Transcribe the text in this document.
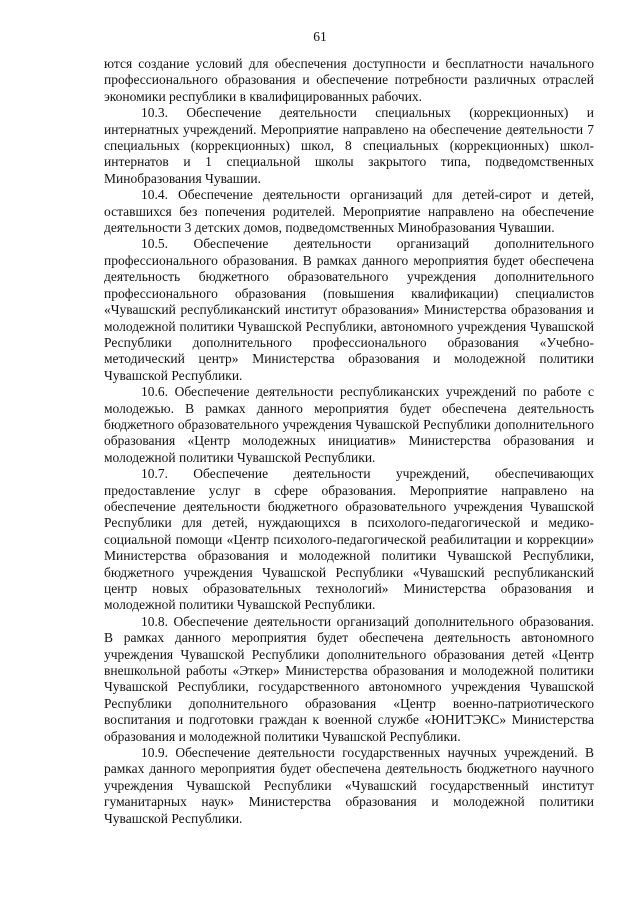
61

ются создание условий для обеспечения доступности и бесплатности начального профессионального образования и обеспечение потребности различных отраслей экономики республики в квалифицированных рабочих.

10.3. Обеспечение деятельности специальных (коррекционных) и интернатных учреждений. Мероприятие направлено на обеспечение деятельности 7 специальных (коррекционных) школ, 8 специальных (коррекционных) школ-интернатов и 1 специальной школы закрытого типа, подведомственных Минобразования Чувашии.

10.4. Обеспечение деятельности организаций для детей-сирот и детей, оставшихся без попечения родителей. Мероприятие направлено на обеспечение деятельности 3 детских домов, подведомственных Минобразования Чувашии.

10.5. Обеспечение деятельности организаций дополнительного профессионального образования. В рамках данного мероприятия будет обеспечена деятельность бюджетного образовательного учреждения дополнительного профессионального образования (повышения квалификации) специалистов «Чувашский республиканский институт образования» Министерства образования и молодежной политики Чувашской Республики, автономного учреждения Чувашской Республики дополнительного профессионального образования «Учебно-методический центр» Министерства образования и молодежной политики Чувашской Республики.

10.6. Обеспечение деятельности республиканских учреждений по работе с молодежью. В рамках данного мероприятия будет обеспечена деятельность бюджетного образовательного учреждения Чувашской Республики дополнительного образования «Центр молодежных инициатив» Министерства образования и молодежной политики Чувашской Республики.

10.7. Обеспечение деятельности учреждений, обеспечивающих предоставление услуг в сфере образования. Мероприятие направлено на обеспечение деятельности бюджетного образовательного учреждения Чувашской Республики для детей, нуждающихся в психолого-педагогической и медико-социальной помощи «Центр психолого-педагогической реабилитации и коррекции» Министерства образования и молодежной политики Чувашской Республики, бюджетного учреждения Чувашской Республики «Чувашский республиканский центр новых образовательных технологий» Министерства образования и молодежной политики Чувашской Республики.

10.8. Обеспечение деятельности организаций дополнительного образования. В рамках данного мероприятия будет обеспечена деятельность автономного учреждения Чувашской Республики дополнительного образования детей «Центр внешкольной работы «Эткер» Министерства образования и молодежной политики Чувашской Республики, государственного автономного учреждения Чувашской Республики дополнительного образования «Центр военно-патриотического воспитания и подготовки граждан к военной службе «ЮНИТЭКС» Министерства образования и молодежной политики Чувашской Республики.

10.9. Обеспечение деятельности государственных научных учреждений. В рамках данного мероприятия будет обеспечена деятельность бюджетного научного учреждения Чувашской Республики «Чувашский государственный институт гуманитарных наук» Министерства образования и молодежной политики Чувашской Республики.
